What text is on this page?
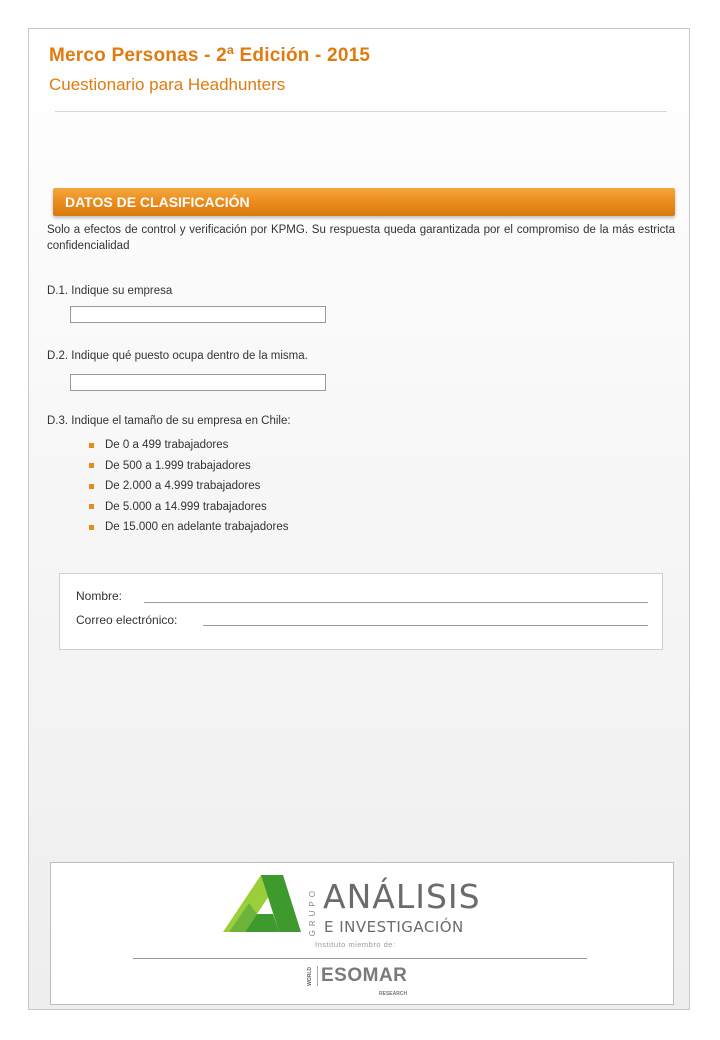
Merco Personas - 2ª Edición - 2015
Cuestionario para Headhunters
DATOS DE CLASIFICACIÓN
Solo a efectos de control y verificación por KPMG. Su respuesta queda garantizada por el compromiso de la más estricta confidencialidad
D.1. Indique su empresa
D.2. Indique qué puesto ocupa dentro de la misma.
D.3. Indique el tamaño de su empresa en Chile:
De 0 a 499 trabajadores
De 500 a 1.999 trabajadores
De 2.000 a 4.999 trabajadores
De 5.000 a 14.999 trabajadores
De 15.000 en adelante trabajadores
Nombre:
Correo electrónico:
GRUPO ANÁLISIS
E INVESTIGACIÓN
Instituto miembro de:
WORLD ESOMAR
RESEARCH
